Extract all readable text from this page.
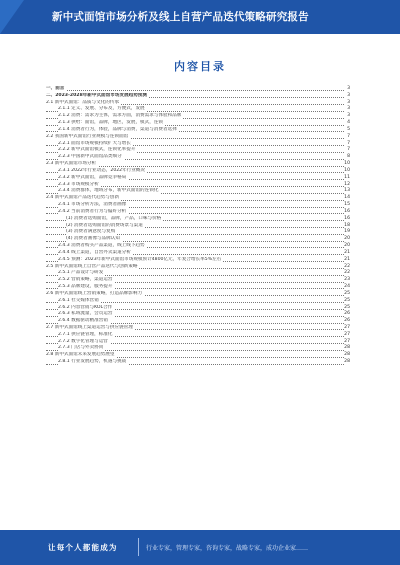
新中式面馆市场分析及线上自营产品迭代策略研究报告
内容目录
一、前言	3
二、2023-2028年新中式面馆市场发展趋势预测	3
2.1 新中式面馆：品质与文化的传承	3
2.1.1 定义、发展、分布及，方便式，发展	3
2.1.2 消费：需求为主体，需求方面，消费需求与体验和品牌	3
2.1.3 供给：面馆，品牌，地区，发展，模式，连锁	4
2.1.4 消费者行为，体验，品牌与消费，渠道与消费者选择	5
2.2 我国新中式面馆行业规模与连锁面馆	7
2.2.1 面馆市场规模持续扩大与增长	7
2.2.2 新中式面馆模式，连锁化率提升	7
2.2.3 中国新中式面馆品类细分	8
2.3 新中式面馆市场分析	10
2.3.1 2022年行业动态，2022年行业概况	10
2.3.2 新中式面馆，品牌竞争格局	11
2.3.3 市场规模分析	12
2.3.4 消费群体，地域分布，新中式面馆的连锁化	13
2.4 新中式面馆产品迭代趋势与创新	14
2.4.1 市场分析方法，消费者画像	15
2.4.2 当前消费者行为与偏好分析	16
(1) 消费者选购面馆，品牌，产品，口味与价格	16
(2) 消费者选购面馆的消费场景与渠道	18
(3) 消费者满意度与复购	19
(4) 消费者画像与品牌认知	20
2.4.3 消费者购买产品渠道，线上线下趋势	20
2.4.4 线上渠道，自营外卖渠道分析	21
2.4.5 预测：2023年新中式面馆市场规模预计4800亿元，年复合增长率5%左右	21
2.5 新中式面馆线上自营产品迭代与创新策略	22
2.5.1 产品设计与研发	22
2.5.2 营销策略，渠道运营	23
2.5.3 品牌建设，服务提升	24
2.6 新中式面馆线上营销策略，打造品牌影响力	25
2.6.1 社交媒体营销	25
2.6.2 内容营销与KOL合作	25
2.6.3 私域流量，会员运营	26
2.6.4 数据驱动精准营销	26
2.7 新中式面馆线上渠道运营与供应链管理	27
2.7.1 供应链管理，标准化	27
2.7.2 数字化管理与运营	27
2.7.3 门店与外卖协同	28
2.8 新中式面馆未来发展趋势展望	28
2.8.1 行业发展趋势，机遇与挑战	28
让每个人都能成为	行业专家，管理专家，咨询专家，战略专家，成功企业家……
